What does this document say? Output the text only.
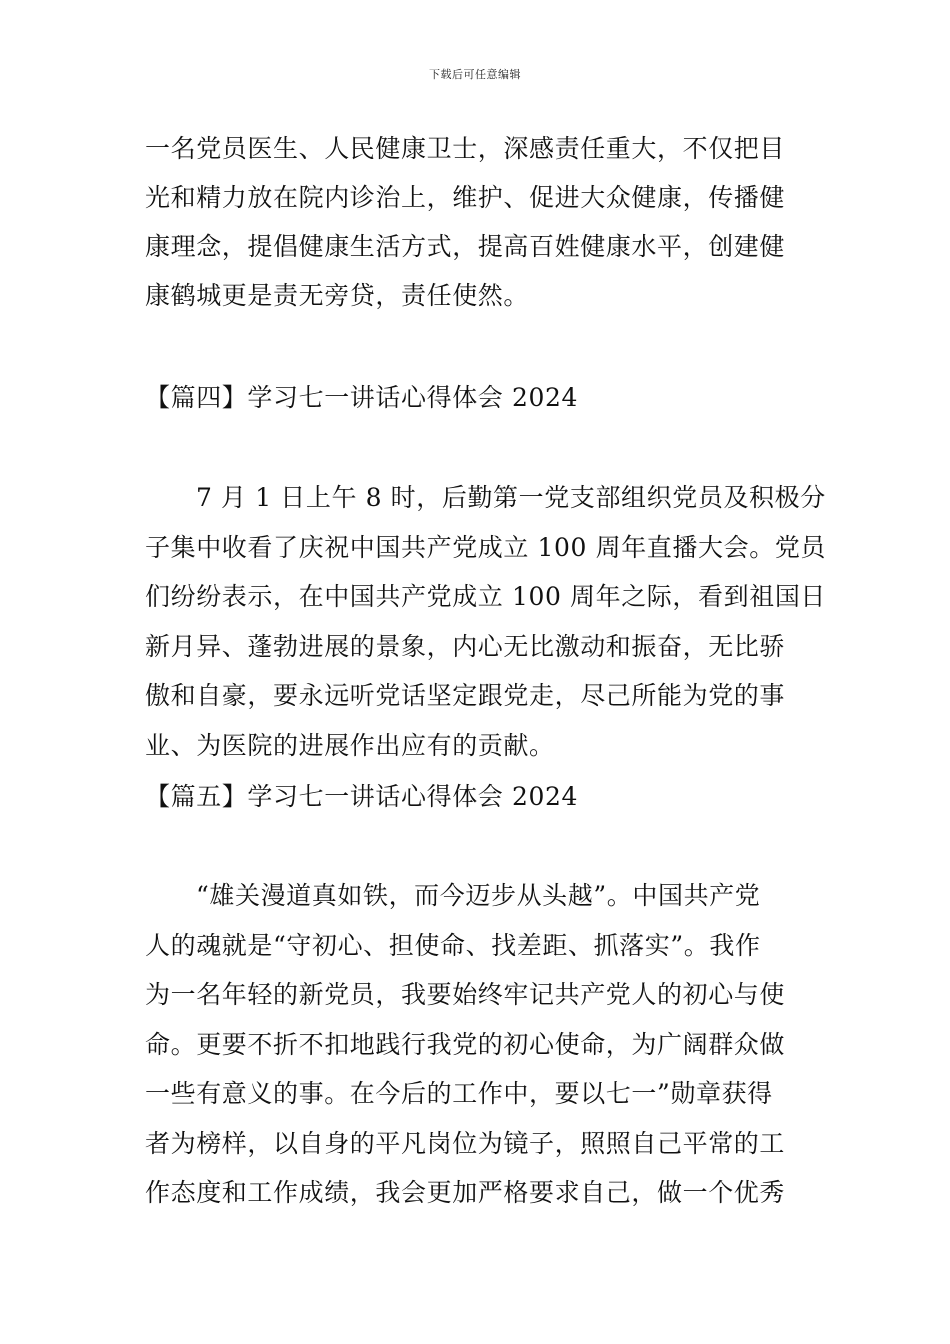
下载后可任意编辑
一名党员医生、人民健康卫士，深感责任重大，不仅把目
光和精力放在院内诊治上，维护、促进大众健康，传播健
康理念，提倡健康生活方式，提高百姓健康水平，创建健
康鹤城更是责无旁贷，责任使然。
【篇四】学习七一讲话心得体会 2024
7 月 1 日上午 8 时，后勤第一党支部组织党员及积极分
子集中收看了庆祝中国共产党成立 100 周年直播大会。党员
们纷纷表示，在中国共产党成立 100 周年之际，看到祖国日
新月异、蓬勃进展的景象，内心无比激动和振奋，无比骄
傲和自豪，要永远听党话坚定跟党走，尽己所能为党的事
业、为医院的进展作出应有的贡献。
【篇五】学习七一讲话心得体会 2024
“雄关漫道真如铁，而今迈步从头越”。中国共产党
人的魂就是“守初心、担使命、找差距、抓落实”。我作
为一名年轻的新党员，我要始终牢记共产党人的初心与使
命。更要不折不扣地践行我党的初心使命，为广阔群众做
一些有意义的事。在今后的工作中，要以七一”勋章获得
者为榜样，以自身的平凡岗位为镜子，照照自己平常的工
作态度和工作成绩，我会更加严格要求自己，做一个优秀
